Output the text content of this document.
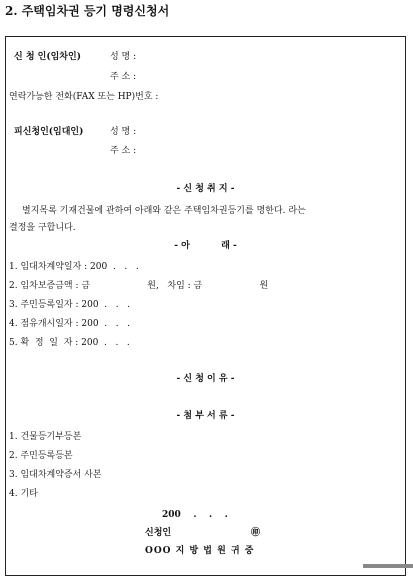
2. 주택임차권 등기 명령신청서
신 청 인(임차인)	성 명 :
주 소 :
연락가능한 전화(FAX 또는 HP)번호 :
피신청인(임대인)	성 명 :
주 소 :
- 신 청 취 지 -
별지목록 기재건물에 관하여 아래와 같은 주택임차권등기를 명한다. 라는
결정을 구합니다.
- 아          래 -
1. 임대차계약일자 : 200  .   .   .
2. 임차보증금액 : 금                    원,   차임 : 금                    원
3. 주민등록일자 : 200  .   .   .
4. 점유개시일자 : 200  .   .   .
5. 확  정  일  자 : 200  .   .   .
- 신 청 이 유 -
- 첨 부 서 류 -
1. 건물등기부등본
2. 주민등록등본
3. 임대차계약증서 사본
4. 기타
200    .    .    .
신청인	㊞
ΟΟΟ 지 방 법 원 귀 중
